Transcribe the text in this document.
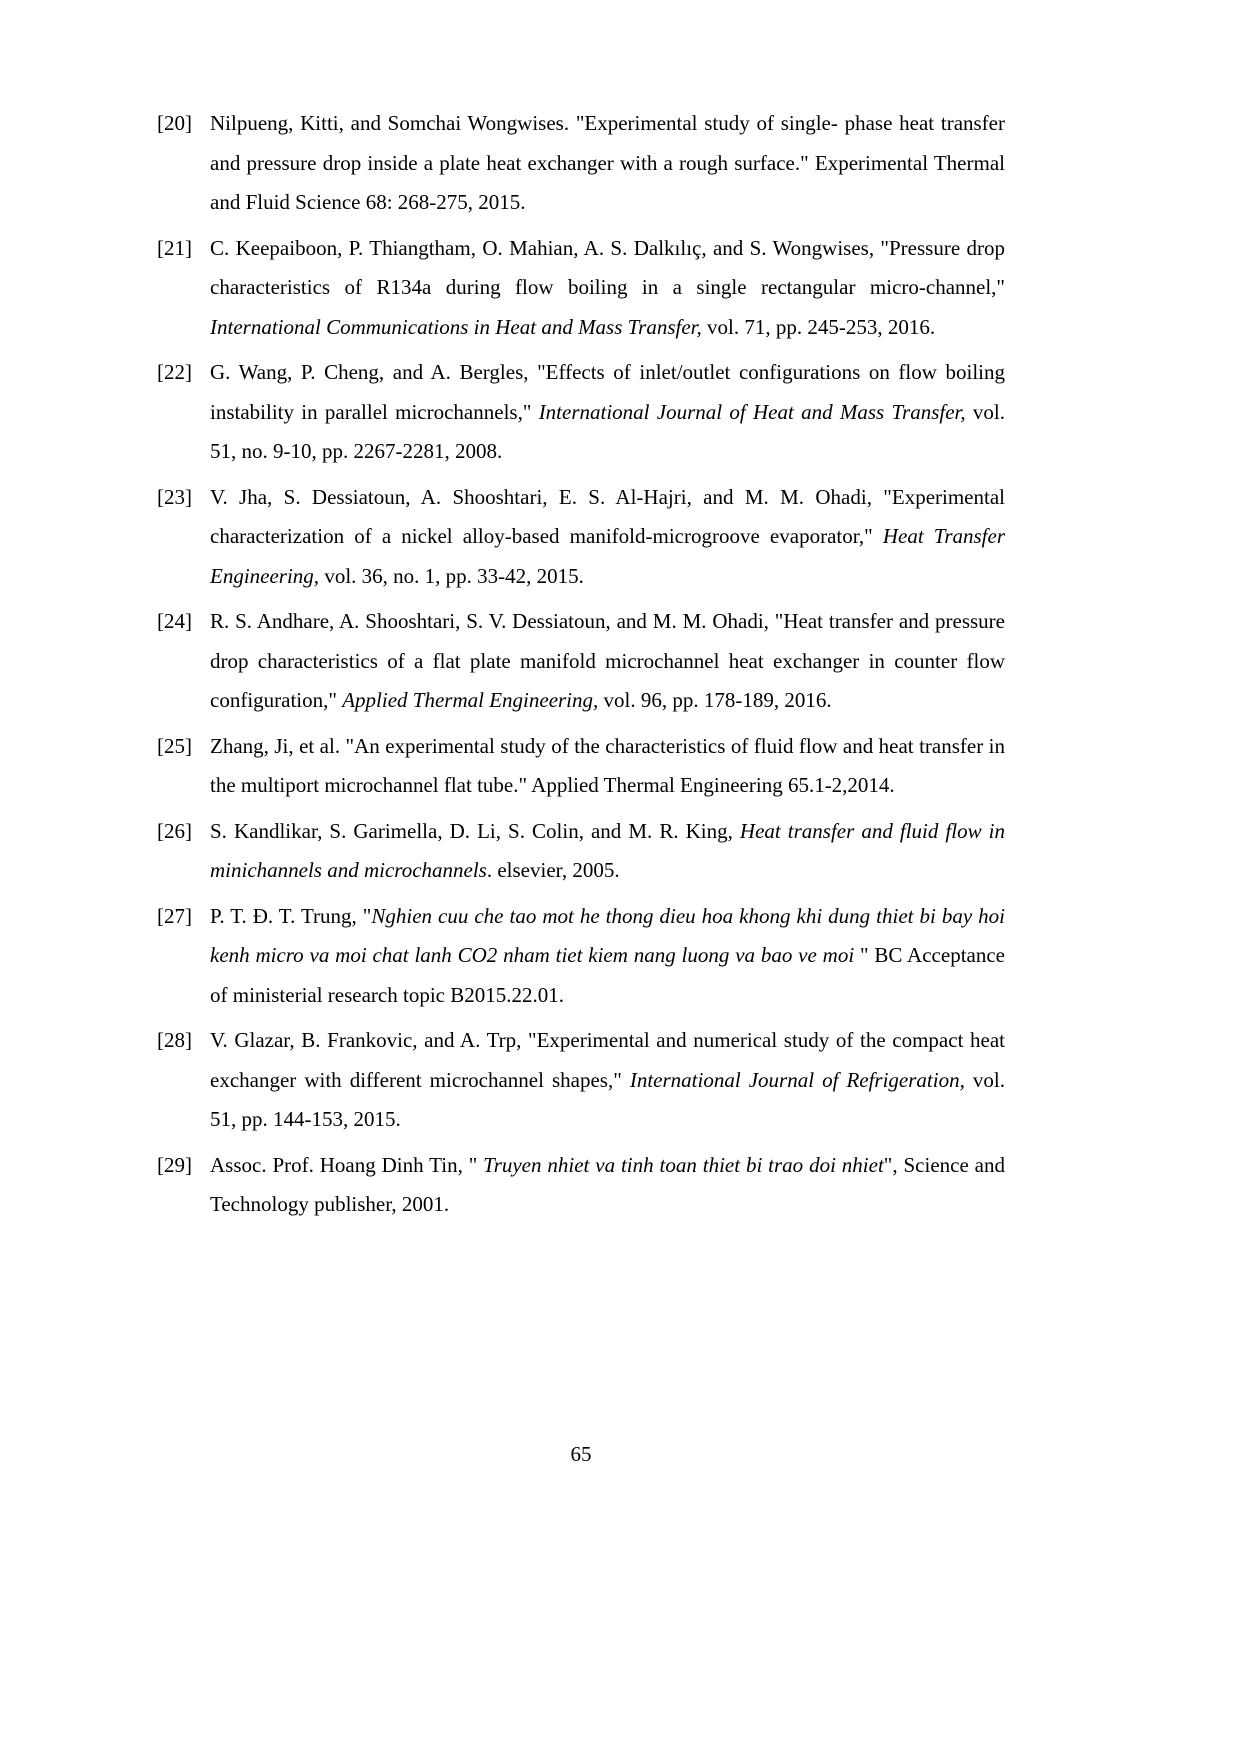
[20] Nilpueng, Kitti, and Somchai Wongwises. "Experimental study of single- phase heat transfer and pressure drop inside a plate heat exchanger with a rough surface." Experimental Thermal and Fluid Science 68: 268-275, 2015.
[21] C. Keepaiboon, P. Thiangtham, O. Mahian, A. S. Dalkılıç, and S. Wongwises, "Pressure drop characteristics of R134a during flow boiling in a single rectangular micro-channel," International Communications in Heat and Mass Transfer, vol. 71, pp. 245-253, 2016.
[22] G. Wang, P. Cheng, and A. Bergles, "Effects of inlet/outlet configurations on flow boiling instability in parallel microchannels," International Journal of Heat and Mass Transfer, vol. 51, no. 9-10, pp. 2267-2281, 2008.
[23] V. Jha, S. Dessiatoun, A. Shooshtari, E. S. Al-Hajri, and M. M. Ohadi, "Experimental characterization of a nickel alloy-based manifold-microgroove evaporator," Heat Transfer Engineering, vol. 36, no. 1, pp. 33-42, 2015.
[24] R. S. Andhare, A. Shooshtari, S. V. Dessiatoun, and M. M. Ohadi, "Heat transfer and pressure drop characteristics of a flat plate manifold microchannel heat exchanger in counter flow configuration," Applied Thermal Engineering, vol. 96, pp. 178-189, 2016.
[25] Zhang, Ji, et al. "An experimental study of the characteristics of fluid flow and heat transfer in the multiport microchannel flat tube." Applied Thermal Engineering 65.1-2,2014.
[26] S. Kandlikar, S. Garimella, D. Li, S. Colin, and M. R. King, Heat transfer and fluid flow in minichannels and microchannels. elsevier, 2005.
[27] P. T. Đ. T. Trung, "Nghien cuu che tao mot he thong dieu hoa khong khi dung thiet bi bay hoi kenh micro va moi chat lanh CO2 nham tiet kiem nang luong va bao ve moi " BC Acceptance of ministerial research topic B2015.22.01.
[28] V. Glazar, B. Frankovic, and A. Trp, "Experimental and numerical study of the compact heat exchanger with different microchannel shapes," International Journal of Refrigeration, vol. 51, pp. 144-153, 2015.
[29] Assoc. Prof. Hoang Dinh Tin, " Truyen nhiet va tinh toan thiet bi trao doi nhiet", Science and Technology publisher, 2001.
65
